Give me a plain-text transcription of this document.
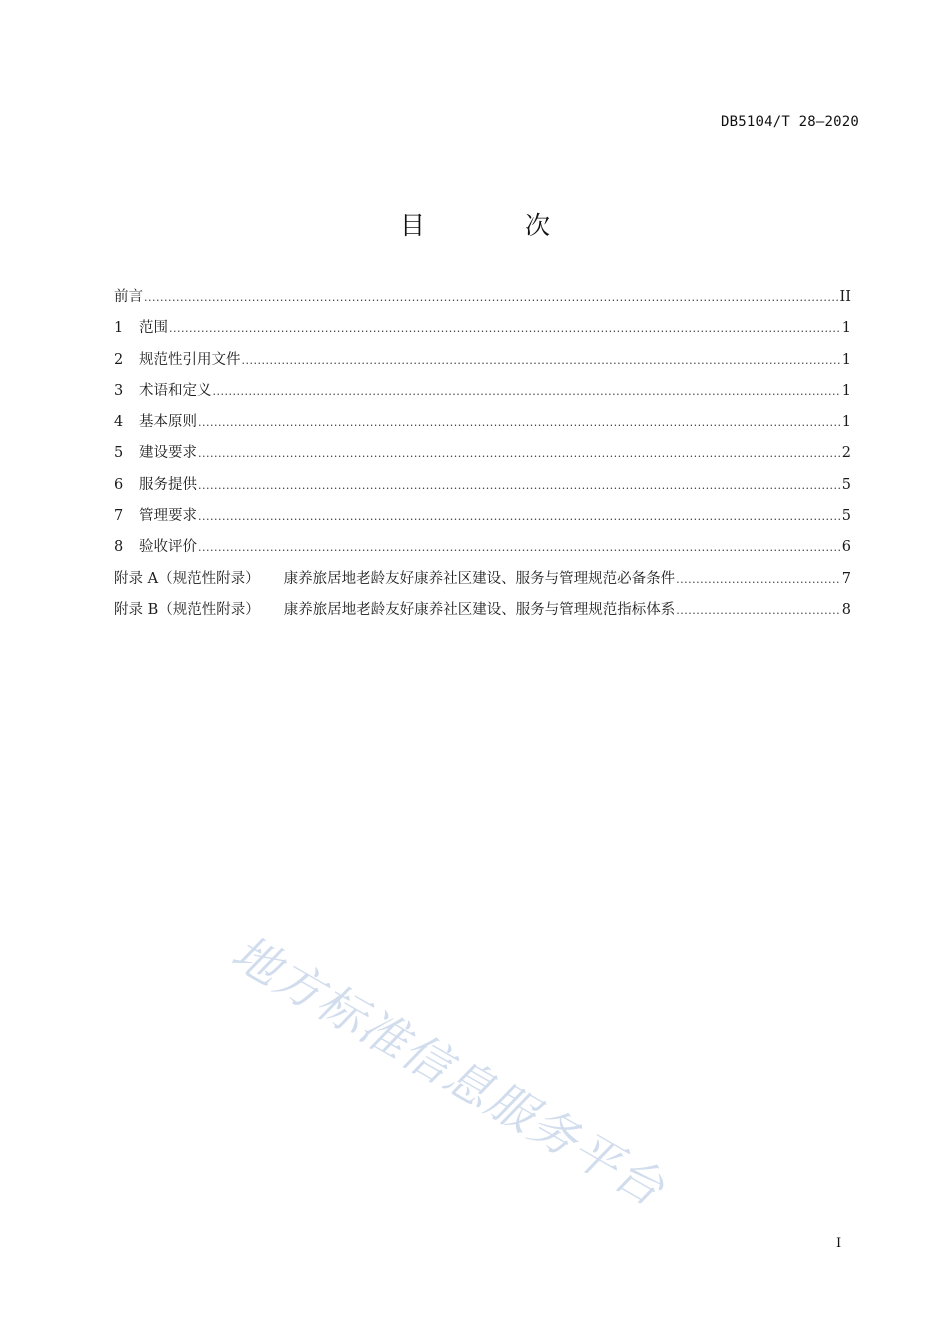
DB5104/T 28—2020
目 次
前言 .....	II
1	范围 .....	1
2	规范性引用文件 .....	1
3	术语和定义 .....	1
4	基本原则 .....	1
5	建设要求 .....	2
6	服务提供 .....	5
7	管理要求 .....	5
8	验收评价 .....	6
附录 A（规范性附录） 康养旅居地老龄友好康养社区建设、服务与管理规范必备条件 .....	7
附录 B（规范性附录） 康养旅居地老龄友好康养社区建设、服务与管理规范指标体系 .....	8
地方标准信息服务平台
I
